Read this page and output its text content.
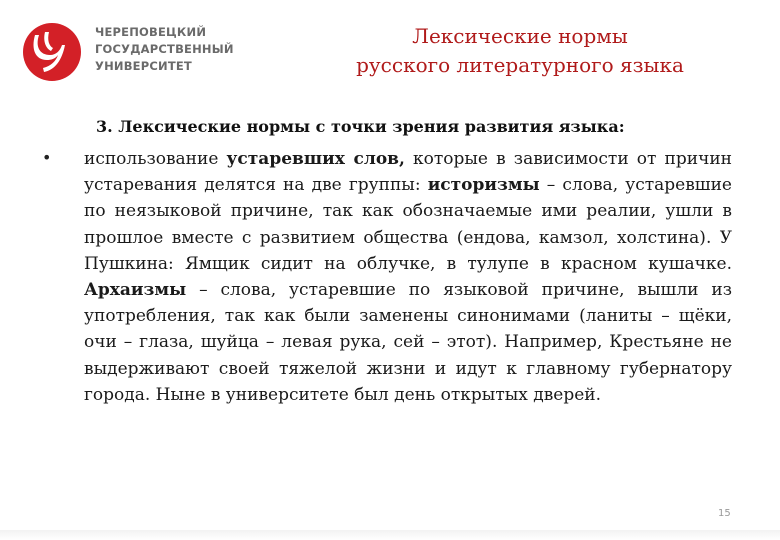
ЧЕРЕПОВЕЦКИЙ
ГОСУДАРСТВЕННЫЙ
УНИВЕРСИТЕТ
Лексические нормы
русского литературного языка
3. Лексические нормы с точки зрения развития языка:
• использование устаревших слов, которые в зависимости от причин устаревания делятся на две группы: историзмы – слова, устаревшие по неязыковой причине, так как обозначаемые ими реалии, ушли в прошлое вместе с развитием общества (ендова, камзол, холстина). У Пушкина: Ямщик сидит на облучке, в тулупе в красном кушачке. Архаизмы – слова, устаревшие по языковой причине, вышли из употребления, так как были заменены синонимами (ланиты – щёки, очи – глаза, шуйца – левая рука, сей – этот). Например, Крестьяне не выдерживают своей тяжелой жизни и идут к главному губернатору города. Ныне в университете был день открытых дверей.
15
